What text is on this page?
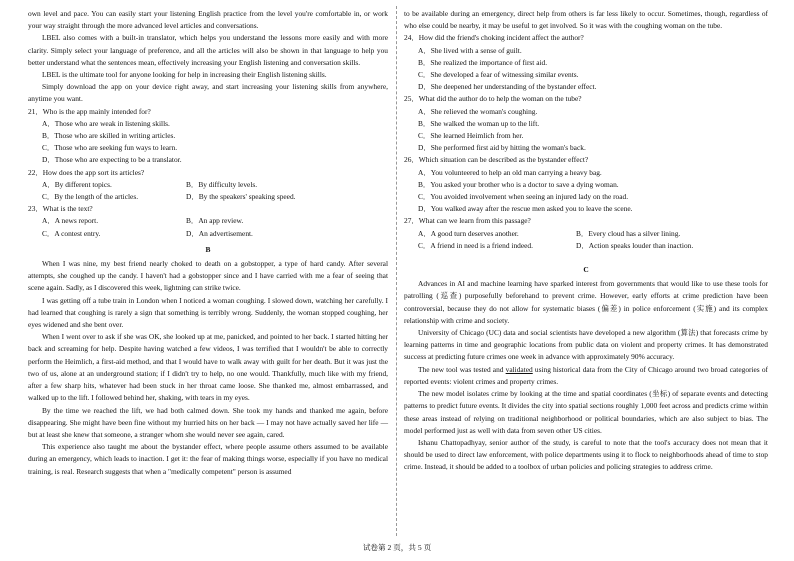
own level and pace. You can easily start your listening English practice from the level you're comfortable in, or work your way straight through the more advanced level articles and conversations.

LBEL also comes with a built-in translator, which helps you understand the lessons more easily and with more clarity. Simply select your language of preference, and all the articles will also be shown in that language to help you better understand what the sentences mean, effectively increasing your English listening and conversation skills.

LBEL is the ultimate tool for anyone looking for help in increasing their English listening skills.

Simply download the app on your device right away, and start increasing your listening skills from anywhere, anytime you want.

21．Who is the app mainly intended for?
A．Those who are weak in listening skills.
B．Those who are skilled in writing articles.
C．Those who are seeking fun ways to learn.
D．Those who are expecting to be a translator.
22．How does the app sort its articles?
A．By different topics.	B．By difficulty levels.
C．By the length of the articles.	D．By the speakers' speaking speed.
23．What is the text?
A．A news report.	B．An app review.
C．A contest entry.	D．An advertisement.
B

When I was nine, my best friend nearly choked to death on a gobstopper, a type of hard candy. After several attempts, she coughed up the candy. I haven't had a gobstopper since and I have carried with me a fear of seeing that scene again. Sadly, as I discovered this week, lightning can strike twice.

I was getting off a tube train in London when I noticed a woman coughing. I slowed down, watching her carefully. I had learned that coughing is rarely a sign that something is terribly wrong. Suddenly, the woman stopped coughing, her eyes widened and she bent over.

When I went over to ask if she was OK, she looked up at me, panicked, and pointed to her back. I started hitting her back and screaming for help. Despite having watched a few videos, I was terrified that I wouldn't be able to correctly perform the Heimlich, a first-aid method, and that I would have to walk away with guilt for her death. But it was just the two of us, alone at an underground station; if I didn't try to help, no one would. Thankfully, much like with my friend, after a few sharp hits, whatever had been stuck in her throat came loose. She thanked me, almost embarrassed, and walked up to the lift. I followed behind her, shaking, with tears in my eyes.

By the time we reached the lift, we had both calmed down. She took my hands and thanked me again, before disappearing. She might have been fine without my hurried hits on her back — I may not have actually saved her life — but at least she knew that someone, a stranger whom she would never see again, cared.

This experience also taught me about the bystander effect, where people assume others assumed to be available during an emergency, which leads to inaction. I get it: the fear of making things worse, especially if you have no medical training, is real. Research suggests that when a "medically competent" person is assumed

to be available during an emergency, direct help from others is far less likely to occur. Sometimes, though, regardless of who else could be nearby, it may be useful to get involved. So it was with the coughing woman on the tube.

24．How did the friend's choking incident affect the author?
A．She lived with a sense of guilt.
B．She realized the importance of first aid.
C．She developed a fear of witnessing similar events.
D．She deepened her understanding of the bystander effect.
25．What did the author do to help the woman on the tube?
A．She relieved the woman's coughing.
B．She walked the woman up to the lift.
C．She learned Heimlich from her.
D．She performed first aid by hitting the woman's back.
26．Which situation can be described as the bystander effect?
A．You volunteered to help an old man carrying a heavy bag.
B．You asked your brother who is a doctor to save a dying woman.
C．You avoided involvement when seeing an injured lady on the road.
D．You walked away after the rescue men asked you to leave the scene.
27．What can we learn from this passage?
A．A good turn deserves another.	B．Every cloud has a silver lining.
C．A friend in need is a friend indeed.	D．Action speaks louder than inaction.
C

Advances in AI and machine learning have sparked interest from governments that would like to use these tools for patrolling (巡查) purposefully beforehand to prevent crime. However, early efforts at crime prediction have been controversial, because they do not allow for systematic biases (偏差) in police enforcement (实施) and its complex relationship with crime and society.

University of Chicago (UC) data and social scientists have developed a new algorithm (算法) that forecasts crime by learning patterns in time and geographic locations from public data on violent and property crimes. It has demonstrated success at predicting future crimes one week in advance with approximately 90% accuracy.

The new tool was tested and validated using historical data from the City of Chicago around two broad categories of reported events: violent crimes and property crimes.

The new model isolates crime by looking at the time and spatial coordinates (坐标) of separate events and detecting patterns to predict future events. It divides the city into spatial sections roughly 1,000 feet across and predicts crime within these areas instead of relying on traditional neighborhood or political boundaries, which are also subject to bias. The model performed just as well with data from seven other US cities.

Ishanu Chattopadhyay, senior author of the study, is careful to note that the tool's accuracy does not mean that it should be used to direct law enforcement, with police departments using it to flock to neighborhoods ahead of time to stop crime. Instead, it should be added to a toolbox of urban policies and policing strategies to address crime.

试卷第 2 页，共 5 页
